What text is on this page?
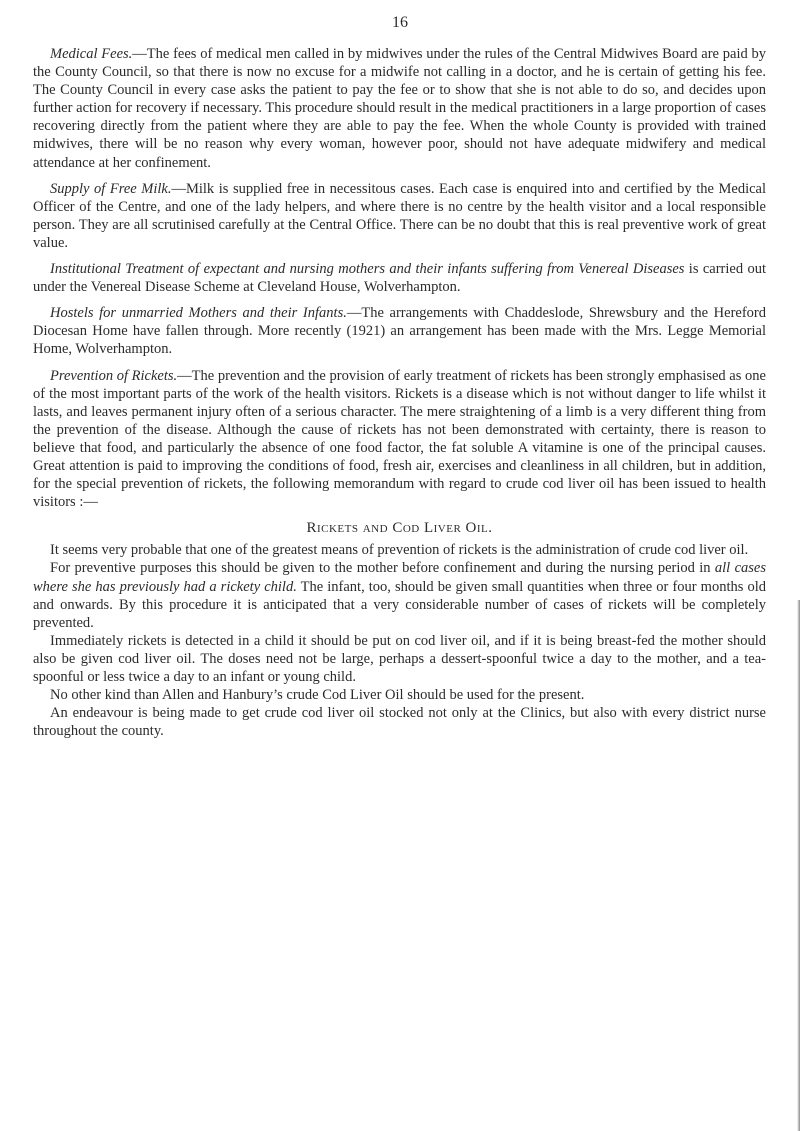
16

Medical Fees.—The fees of medical men called in by midwives under the rules of the Central Midwives Board are paid by the County Council, so that there is now no excuse for a midwife not calling in a doctor, and he is certain of getting his fee. The County Council in every case asks the patient to pay the fee or to show that she is not able to do so, and decides upon further action for recovery if necessary. This procedure should result in the medical practitioners in a large proportion of cases recovering directly from the patient where they are able to pay the fee. When the whole County is provided with trained midwives, there will be no reason why every woman, however poor, should not have adequate midwifery and medical attendance at her confinement.

Supply of Free Milk.—Milk is supplied free in necessitous cases. Each case is enquired into and certified by the Medical Officer of the Centre, and one of the lady helpers, and where there is no centre by the health visitor and a local responsible person. They are all scrutinised carefully at the Central Office. There can be no doubt that this is real preventive work of great value.

Institutional Treatment of expectant and nursing mothers and their infants suffering from Venereal Diseases is carried out under the Venereal Disease Scheme at Cleveland House, Wolverhampton.

Hostels for unmarried Mothers and their Infants.—The arrangements with Chaddeslode, Shrewsbury and the Hereford Diocesan Home have fallen through. More recently (1921) an arrangement has been made with the Mrs. Legge Memorial Home, Wolverhampton.

Prevention of Rickets.—The prevention and the provision of early treatment of rickets has been strongly emphasised as one of the most important parts of the work of the health visitors. Rickets is a disease which is not without danger to life whilst it lasts, and leaves permanent injury often of a serious character. The mere straightening of a limb is a very different thing from the prevention of the disease. Although the cause of rickets has not been demonstrated with certainty, there is reason to believe that food, and particularly the absence of one food factor, the fat soluble A vitamine is one of the principal causes. Great attention is paid to improving the conditions of food, fresh air, exercises and cleanliness in all children, but in addition, for the special prevention of rickets, the following memorandum with regard to crude cod liver oil has been issued to health visitors :—

Rickets and Cod Liver Oil.

It seems very probable that one of the greatest means of prevention of rickets is the administration of crude cod liver oil.

For preventive purposes this should be given to the mother before confinement and during the nursing period in all cases where she has previously had a rickety child. The infant, too, should be given small quantities when three or four months old and onwards. By this procedure it is anticipated that a very considerable number of cases of rickets will be completely prevented.

Immediately rickets is detected in a child it should be put on cod liver oil, and if it is being breast-fed the mother should also be given cod liver oil. The doses need not be large, perhaps a dessert-spoonful twice a day to the mother, and a tea-spoonful or less twice a day to an infant or young child.

No other kind than Allen and Hanbury’s crude Cod Liver Oil should be used for the present.

An endeavour is being made to get crude cod liver oil stocked not only at the Clinics, but also with every district nurse throughout the county.
